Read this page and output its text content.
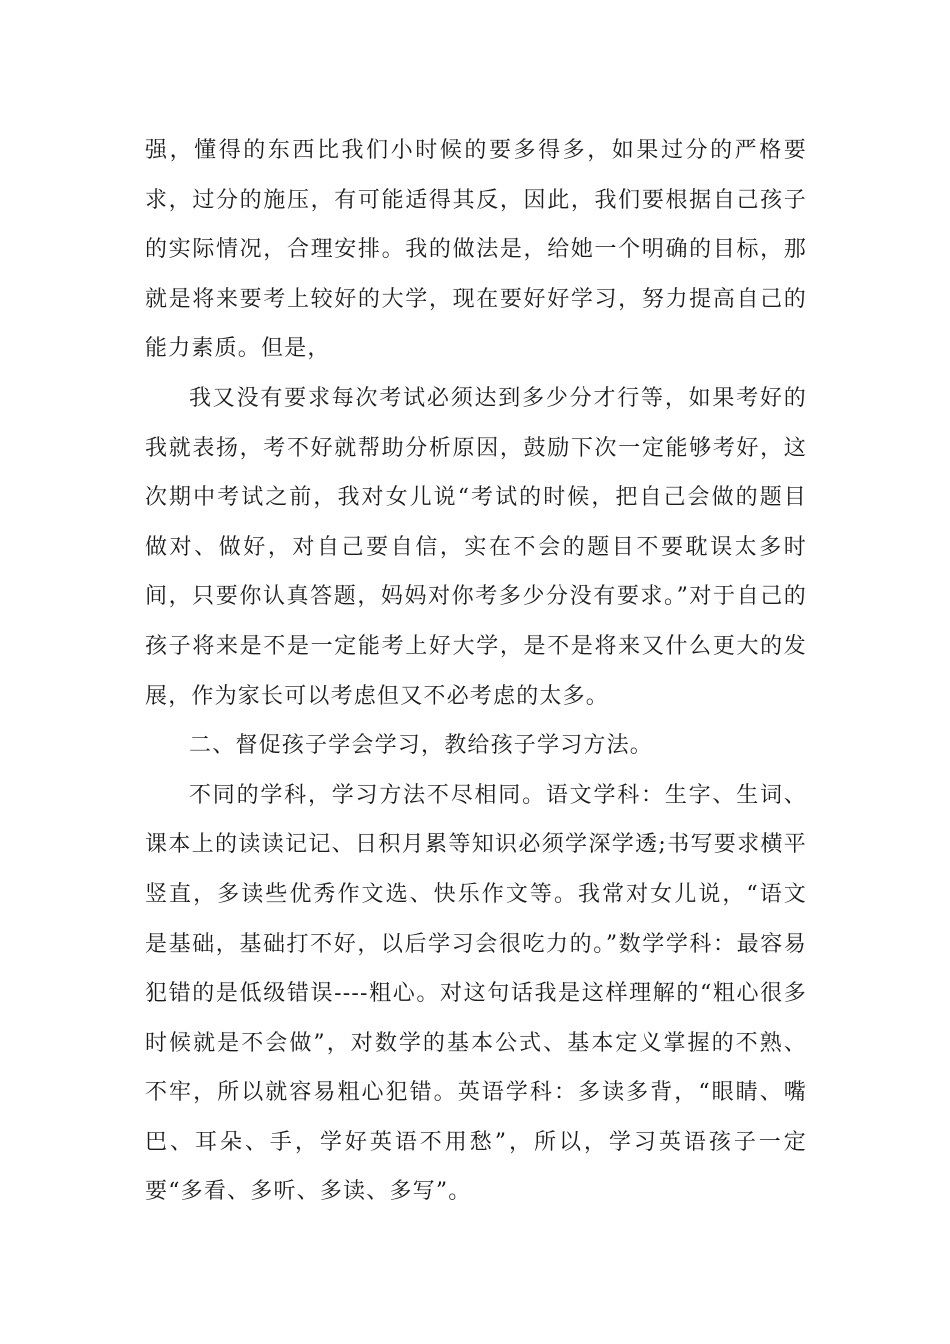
强，懂得的东西比我们小时候的要多得多，如果过分的严格要求，过分的施压，有可能适得其反，因此，我们要根据自己孩子的实际情况，合理安排。我的做法是，给她一个明确的目标，那就是将来要考上较好的大学，现在要好好学习，努力提高自己的能力素质。但是，

我又没有要求每次考试必须达到多少分才行等，如果考好的我就表扬，考不好就帮助分析原因，鼓励下次一定能够考好，这次期中考试之前，我对女儿说“考试的时候，把自己会做的题目做对、做好，对自己要自信，实在不会的题目不要耽误太多时间，只要你认真答题，妈妈对你考多少分没有要求。”对于自己的孩子将来是不是一定能考上好大学，是不是将来又什么更大的发展，作为家长可以考虑但又不必考虑的太多。

二、督促孩子学会学习，教给孩子学习方法。

不同的学科，学习方法不尽相同。语文学科：生字、生词、课本上的读读记记、日积月累等知识必须学深学透;书写要求横平竖直，多读些优秀作文选、快乐作文等。我常对女儿说，“语文是基础，基础打不好，以后学习会很吃力的。”数学学科：最容易犯错的是低级错误----粗心。对这句话我是这样理解的“粗心很多时候就是不会做”，对数学的基本公式、基本定义掌握的不熟、不牢，所以就容易粗心犯错。英语学科：多读多背，“眼睛、嘴巴、耳朵、手，学好英语不用愁”，所以，学习英语孩子一定要“多看、多听、多读、多写”。
